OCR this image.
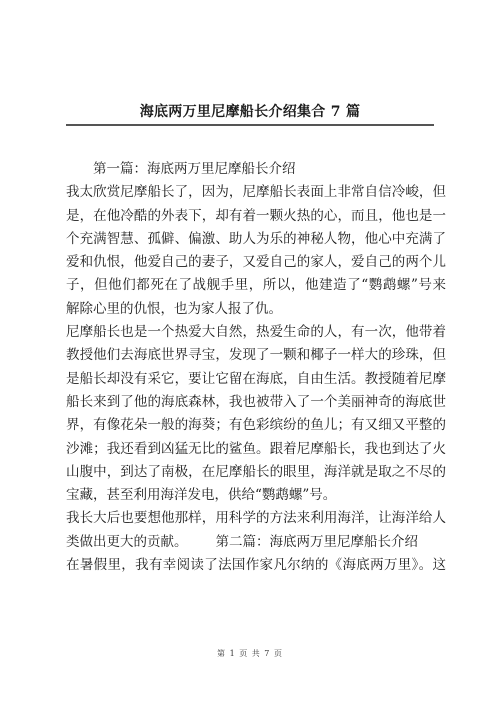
海底两万里尼摩船长介绍集合 7 篇
第一篇：海底两万里尼摩船长介绍
我太欣赏尼摩船长了，因为，尼摩船长表面上非常自信冷峻，但
是，在他冷酷的外表下，却有着一颗火热的心，而且，他也是一
个充满智慧、孤僻、偏激、助人为乐的神秘人物，他心中充满了
爱和仇恨，他爱自己的妻子，又爱自己的家人，爱自己的两个儿
子，但他们都死在了战舰手里，所以，他建造了“鹦鹉螺”号来
解除心里的仇恨，也为家人报了仇。
尼摩船长也是一个热爱大自然，热爱生命的人，有一次，他带着
教授他们去海底世界寻宝，发现了一颗和椰子一样大的珍珠，但
是船长却没有采它，要让它留在海底，自由生活。教授随着尼摩
船长来到了他的海底森林，我也被带入了一个美丽神奇的海底世
界，有像花朵一般的海葵；有色彩缤纷的鱼儿；有又细又平整的
沙滩；我还看到凶猛无比的鲨鱼。跟着尼摩船长，我也到达了火
山腹中，到达了南极，在尼摩船长的眼里，海洋就是取之不尽的
宝藏，甚至利用海洋发电，供给“鹦鹉螺”号。
我长大后也要想他那样，用科学的方法来利用海洋，让海洋给人
类做出更大的贡献。 第二篇：海底两万里尼摩船长介绍
在暑假里，我有幸阅读了法国作家凡尔纳的《海底两万里》。这
第 1 页 共 7 页
